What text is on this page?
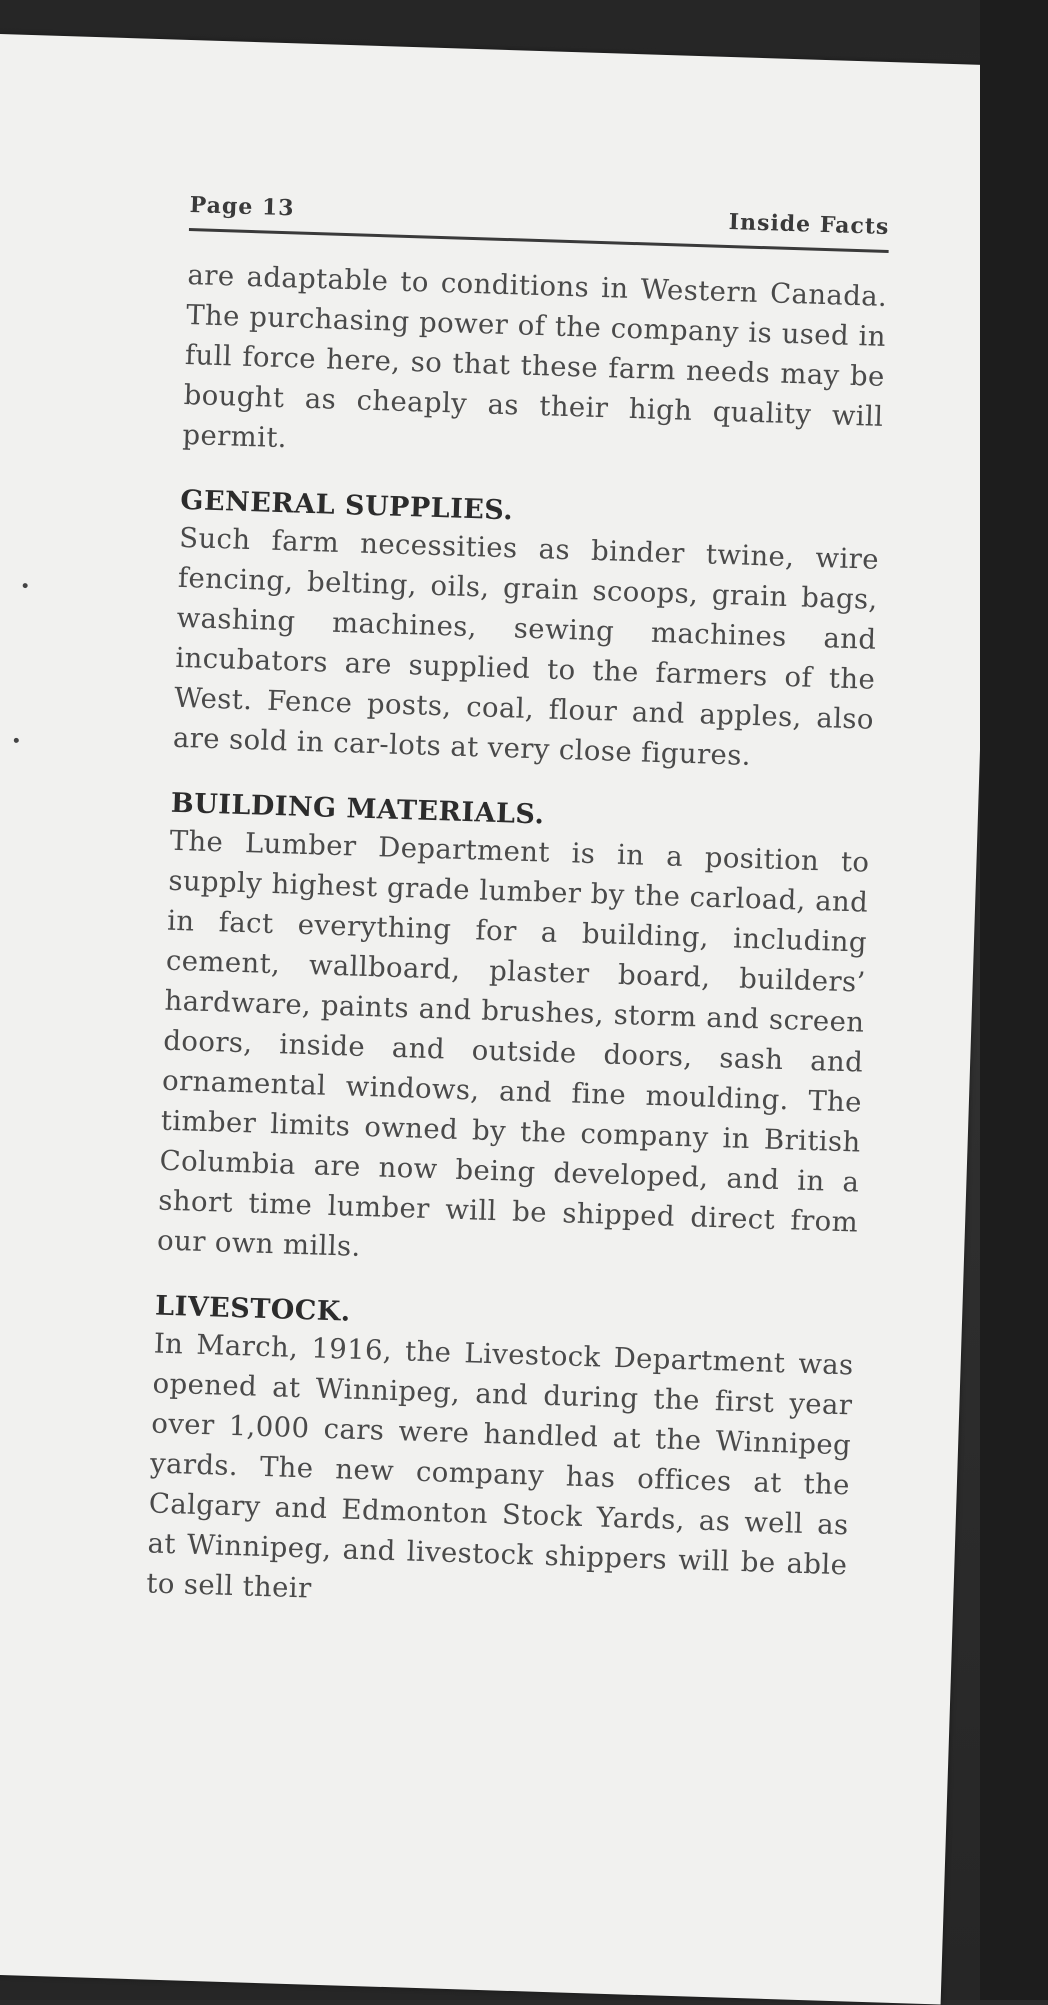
Page 13
Inside Facts

are adaptable to conditions in Western Canada. The purchasing power of the company is used in full force here, so that these farm needs may be bought as cheaply as their high quality will permit.

GENERAL SUPPLIES.

Such farm necessities as binder twine, wire fencing, belting, oils, grain scoops, grain bags, washing machines, sewing machines and incubators are supplied to the farmers of the West. Fence posts, coal, flour and apples, also are sold in car-lots at very close figures.

BUILDING MATERIALS.

The Lumber Department is in a position to supply highest grade lumber by the carload, and in fact everything for a building, including cement, wallboard, plaster board, builders’ hardware, paints and brushes, storm and screen doors, inside and outside doors, sash and ornamental windows, and fine moulding. The timber limits owned by the company in British Columbia are now being developed, and in a short time lumber will be shipped direct from our own mills.

LIVESTOCK.

In March, 1916, the Livestock Department was opened at Winnipeg, and during the first year over 1,000 cars were handled at the Winnipeg yards. The new company has offices at the Calgary and Edmonton Stock Yards, as well as at Winnipeg, and livestock shippers will be able to sell their
